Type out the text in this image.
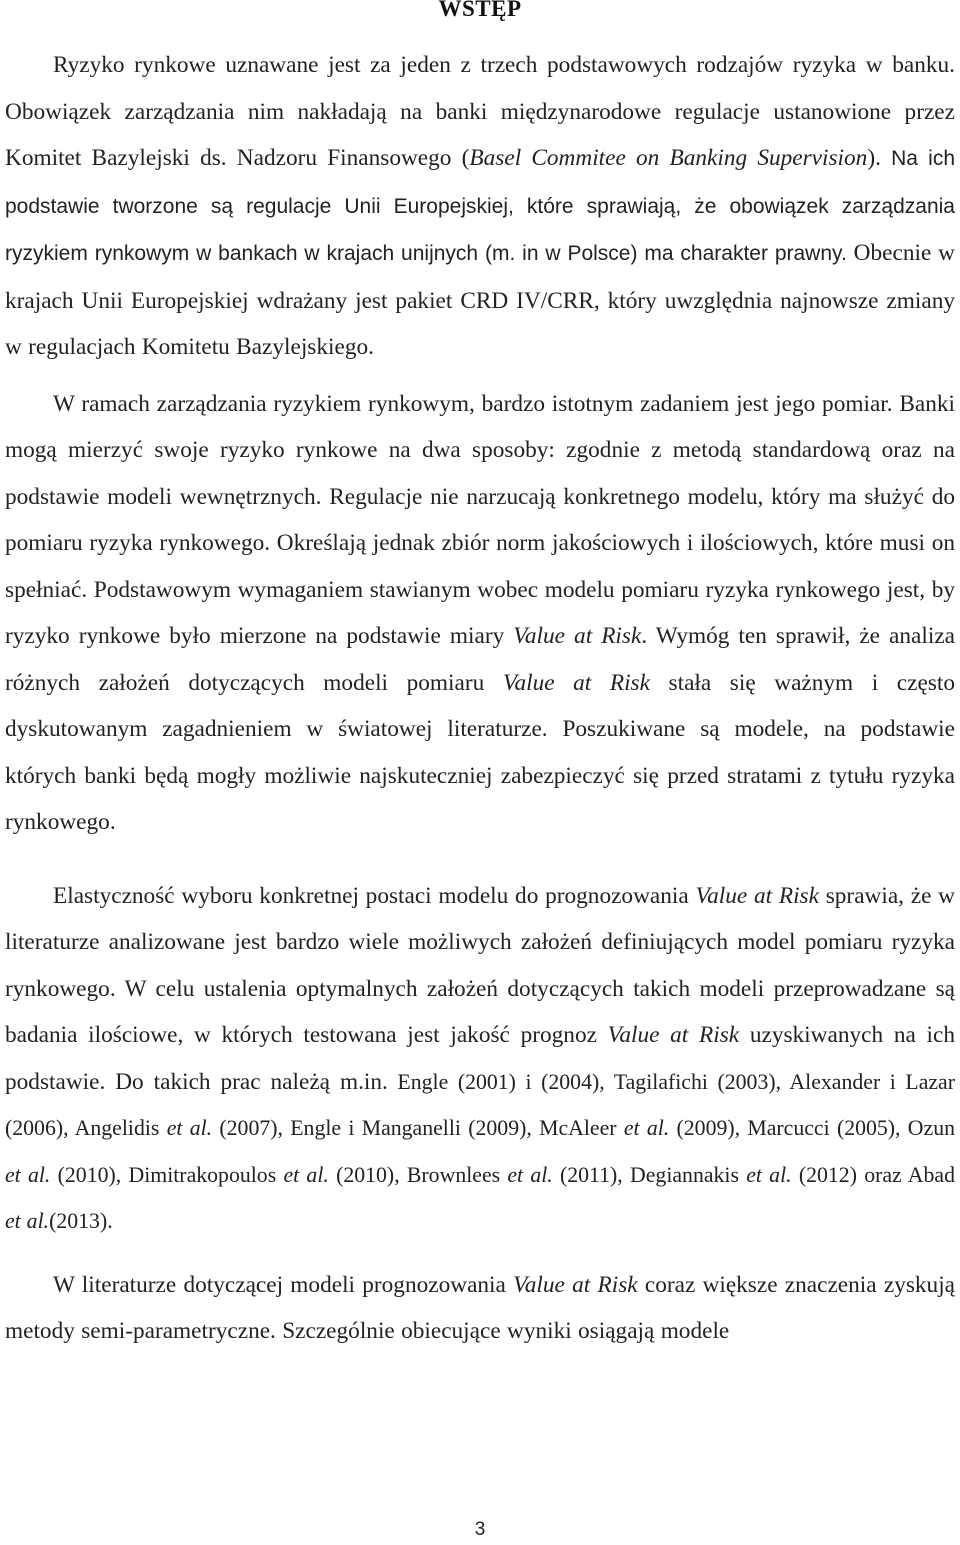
WSTĘP

Ryzyko rynkowe uznawane jest za jeden z trzech podstawowych rodzajów ryzyka w banku. Obowiązek zarządzania nim nakładają na banki międzynarodowe regulacje ustanowione przez Komitet Bazylejski ds. Nadzoru Finansowego (Basel Commitee on Banking Supervision). Na ich podstawie tworzone są regulacje Unii Europejskiej, które sprawiają, że obowiązek zarządzania ryzykiem rynkowym w bankach w krajach unijnych (m. in w Polsce) ma charakter prawny. Obecnie w krajach Unii Europejskiej wdrażany jest pakiet CRD IV/CRR, który uwzględnia najnowsze zmiany w regulacjach Komitetu Bazylejskiego.

W ramach zarządzania ryzykiem rynkowym, bardzo istotnym zadaniem jest jego pomiar. Banki mogą mierzyć swoje ryzyko rynkowe na dwa sposoby: zgodnie z metodą standardową oraz na podstawie modeli wewnętrznych. Regulacje nie narzucają konkretnego modelu, który ma służyć do pomiaru ryzyka rynkowego. Określają jednak zbiór norm jakościowych i ilościowych, które musi on spełniać. Podstawowym wymaganiem stawianym wobec modelu pomiaru ryzyka rynkowego jest, by ryzyko rynkowe było mierzone na podstawie miary Value at Risk. Wymóg ten sprawił, że analiza różnych założeń dotyczących modeli pomiaru Value at Risk stała się ważnym i często dyskutowanym zagadnieniem w światowej literaturze. Poszukiwane są modele, na podstawie których banki będą mogły możliwie najskuteczniej zabezpieczyć się przed stratami z tytułu ryzyka rynkowego.

Elastyczność wyboru konkretnej postaci modelu do prognozowania Value at Risk sprawia, że w literaturze analizowane jest bardzo wiele możliwych założeń definiujących model pomiaru ryzyka rynkowego. W celu ustalenia optymalnych założeń dotyczących takich modeli przeprowadzane są badania ilościowe, w których testowana jest jakość prognoz Value at Risk uzyskiwanych na ich podstawie. Do takich prac należą m.in. Engle (2001) i (2004), Tagilafichi (2003), Alexander i Lazar (2006), Angelidis et al. (2007), Engle i Manganelli (2009), McAleer et al. (2009), Marcucci (2005), Ozun et al. (2010), Dimitrakopoulos et al. (2010), Brownlees et al. (2011), Degiannakis et al. (2012) oraz Abad et al.(2013).

W literaturze dotyczącej modeli prognozowania Value at Risk coraz większe znaczenia zyskują metody semi-parametryczne. Szczególnie obiecujące wyniki osiągają modele

3
